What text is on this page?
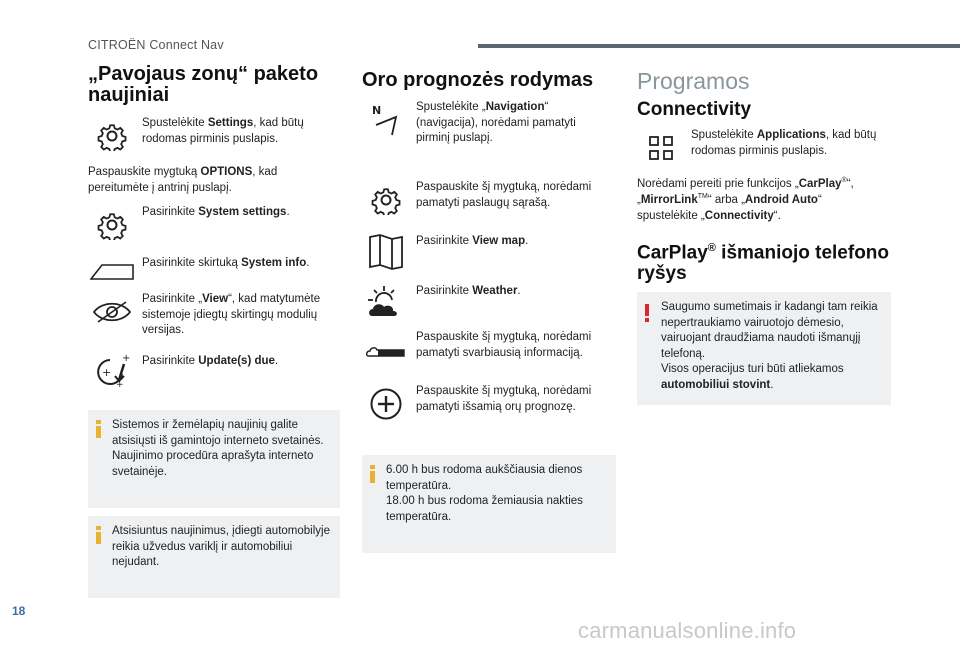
CITROËN Connect Nav
„Pavojaus zonų“ paketo naujiniai
Spustelėkite Settings, kad būtų rodomas pirminis puslapis.
Paspauskite mygtuką OPTIONS, kad pereitumėte į antrinį puslapį.
Pasirinkite System settings.
Pasirinkite skirtuką System info.
Pasirinkite „View“, kad matytumėte sistemoje įdiegtų skirtingų modulių versijas.
+
+
+
Pasirinkite Update(s) due.
Sistemos ir žemėlapių naujinių galite atsisiųsti iš gamintojo interneto svetainės.
Naujinimo procedūra aprašyta interneto svetainėje.
Atsisiuntus naujinimus, įdiegti automobilyje reikia užvedus variklį ir automobiliui nejudant.
Oro prognozės rodymas
N	Spustelėkite „Navigation“ (navigacija), norėdami pamatyti pirminį puslapį.
Paspauskite šį mygtuką, norėdami pamatyti paslaugų sąrašą.
Pasirinkite View map.
Pasirinkite Weather.
Paspauskite šį mygtuką, norėdami pamatyti svarbiausią informaciją.
Paspauskite šį mygtuką, norėdami pamatyti išsamią orų prognozę.
6.00 h bus rodoma aukščiausia dienos temperatūra.
18.00 h bus rodoma žemiausia nakties temperatūra.
Programos
Connectivity
Spustelėkite Applications, kad būtų rodomas pirminis puslapis.
Norėdami pereiti prie funkcijos „CarPlay®“, „MirrorLink™“ arba „Android Auto“ spustelėkite „Connectivity“.
CarPlay® išmaniojo telefono ryšys
Saugumo sumetimais ir kadangi tam reikia nepertraukiamo vairuotojo dėmesio, vairuojant draudžiama naudoti išmanųjį telefoną.
Visos operacijus turi būti atliekamos automobiliui stovint.
18
carmanualsonline.info
